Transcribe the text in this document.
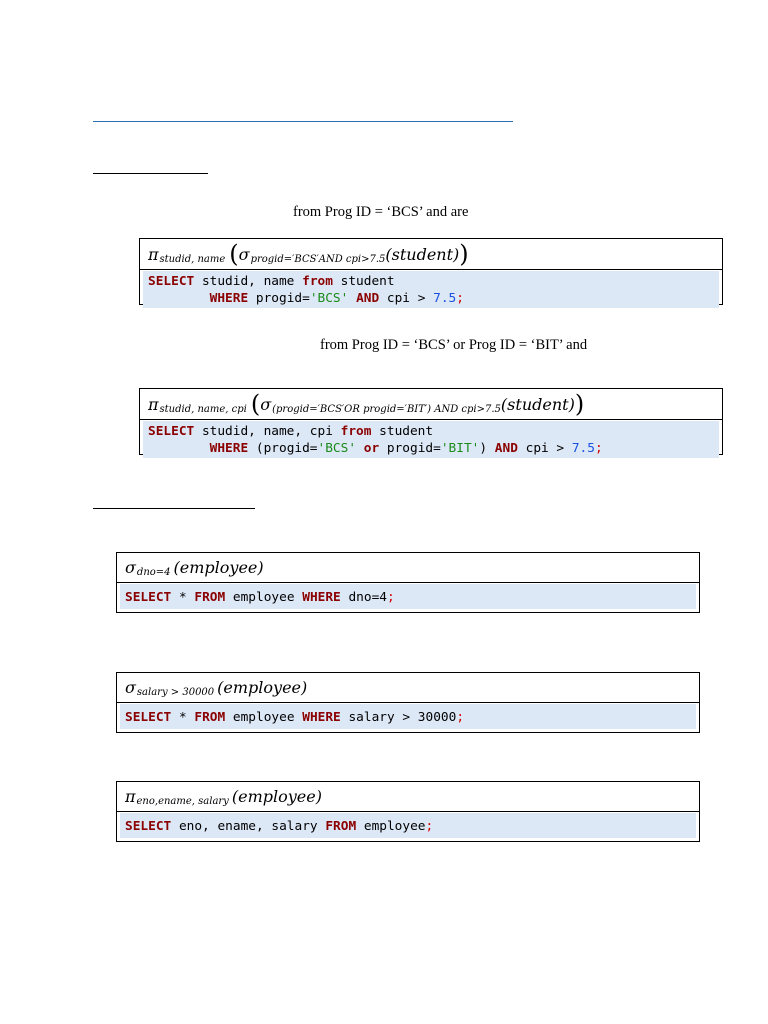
from Prog ID = ‘BCS’ and are
from Prog ID = ‘BCS’ or Prog ID = ‘BIT’ and
π studid, name ( σ progid=′BCS′AND cpi>7.5 ( student ) )
SELECT studid, name from student
WHERE progid='BCS' AND cpi > 7.5;
π studid, name, cpi ( σ (progid=′BCS′OR progid=′BIT′) AND cpi>7.5 ( student ) )
SELECT studid, name, cpi from student
WHERE (progid='BCS' or progid='BIT') AND cpi > 7.5;
σ dno=4 ( employee )
SELECT * FROM employee WHERE dno=4;
σ salary > 30000 ( employee )
SELECT * FROM employee WHERE salary > 30000;
π eno,ename, salary ( employee )
SELECT eno, ename, salary FROM employee;
